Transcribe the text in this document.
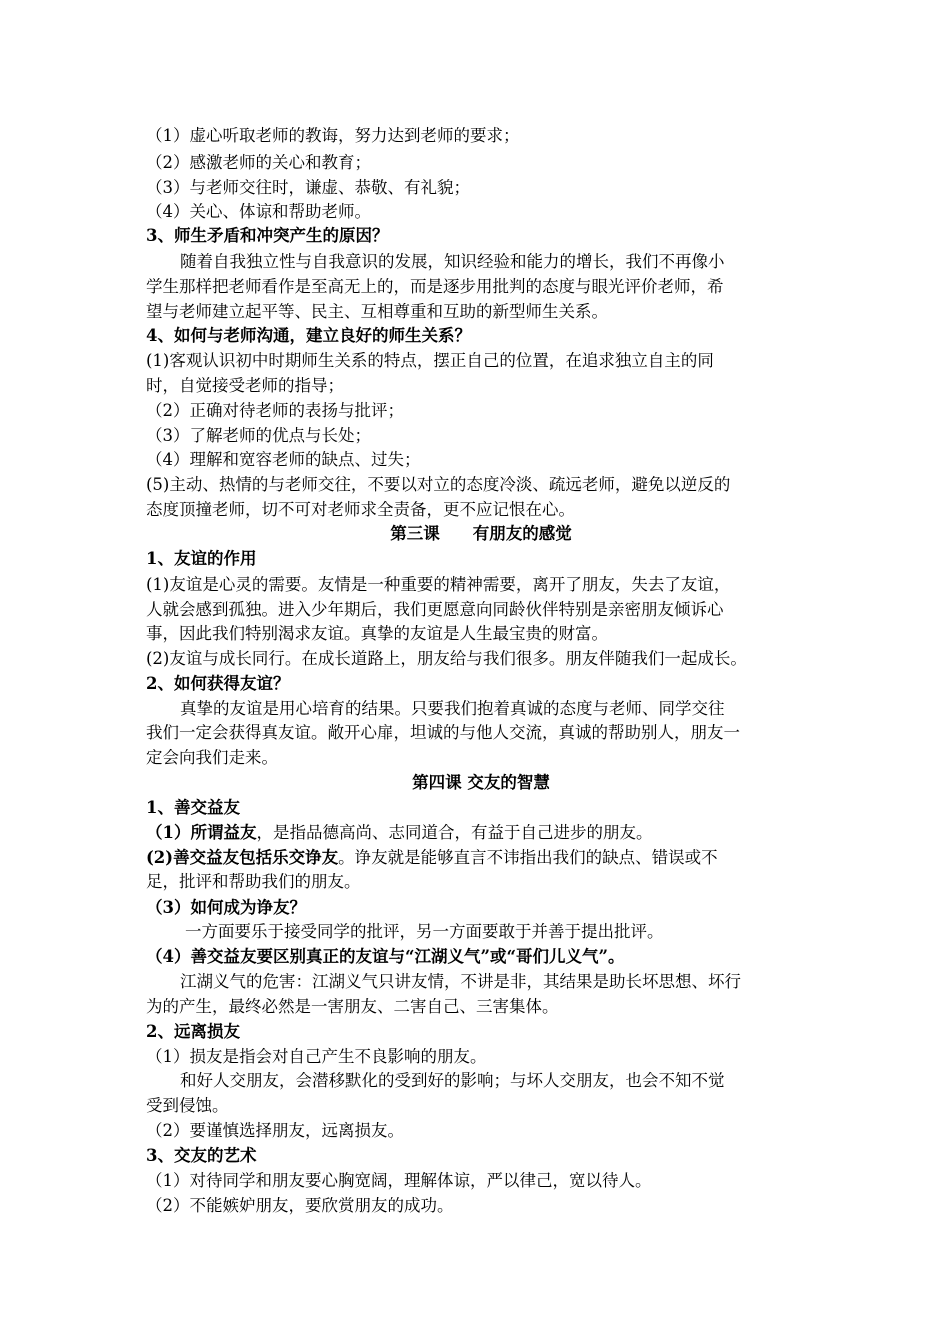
（1）虚心听取老师的教诲，努力达到老师的要求；
（2）感激老师的关心和教育；
（3）与老师交往时，谦虚、恭敬、有礼貌；
（4）关心、体谅和帮助老师。
3、师生矛盾和冲突产生的原因？
随着自我独立性与自我意识的发展，知识经验和能力的增长，我们不再像小
学生那样把老师看作是至高无上的，而是逐步用批判的态度与眼光评价老师，希
望与老师建立起平等、民主、互相尊重和互助的新型师生关系。
4、如何与老师沟通，建立良好的师生关系？
(1)客观认识初中时期师生关系的特点，摆正自己的位置，在追求独立自主的同
时，自觉接受老师的指导；
（2）正确对待老师的表扬与批评；
（3）了解老师的优点与长处；
（4）理解和宽容老师的缺点、过失；
(5)主动、热情的与老师交往，不要以对立的态度冷淡、疏远老师，避免以逆反的
态度顶撞老师，切不可对老师求全责备，更不应记恨在心。
第三课　　有朋友的感觉
1、友谊的作用
(1)友谊是心灵的需要。友情是一种重要的精神需要，离开了朋友，失去了友谊，
人就会感到孤独。进入少年期后，我们更愿意向同龄伙伴特别是亲密朋友倾诉心
事，因此我们特别渴求友谊。真挚的友谊是人生最宝贵的财富。
(2)友谊与成长同行。在成长道路上，朋友给与我们很多。朋友伴随我们一起成长。
2、如何获得友谊？
真挚的友谊是用心培育的结果。只要我们抱着真诚的态度与老师、同学交往
我们一定会获得真友谊。敞开心扉，坦诚的与他人交流，真诚的帮助别人，朋友一
定会向我们走来。
第四课 交友的智慧
1、善交益友
（1）所谓益友，是指品德高尚、志同道合，有益于自己进步的朋友。
(2)善交益友包括乐交诤友。诤友就是能够直言不讳指出我们的缺点、错误或不
足，批评和帮助我们的朋友。
（3）如何成为诤友？
一方面要乐于接受同学的批评，另一方面要敢于并善于提出批评。
（4）善交益友要区别真正的友谊与“江湖义气”或“哥们儿义气”。
江湖义气的危害：江湖义气只讲友情，不讲是非，其结果是助长坏思想、坏行
为的产生，最终必然是一害朋友、二害自己、三害集体。
2、远离损友
（1）损友是指会对自己产生不良影响的朋友。
和好人交朋友，会潜移默化的受到好的影响；与坏人交朋友，也会不知不觉
受到侵蚀。
（2）要谨慎选择朋友，远离损友。
3、交友的艺术
（1）对待同学和朋友要心胸宽阔，理解体谅，严以律己，宽以待人。
（2）不能嫉妒朋友，要欣赏朋友的成功。
